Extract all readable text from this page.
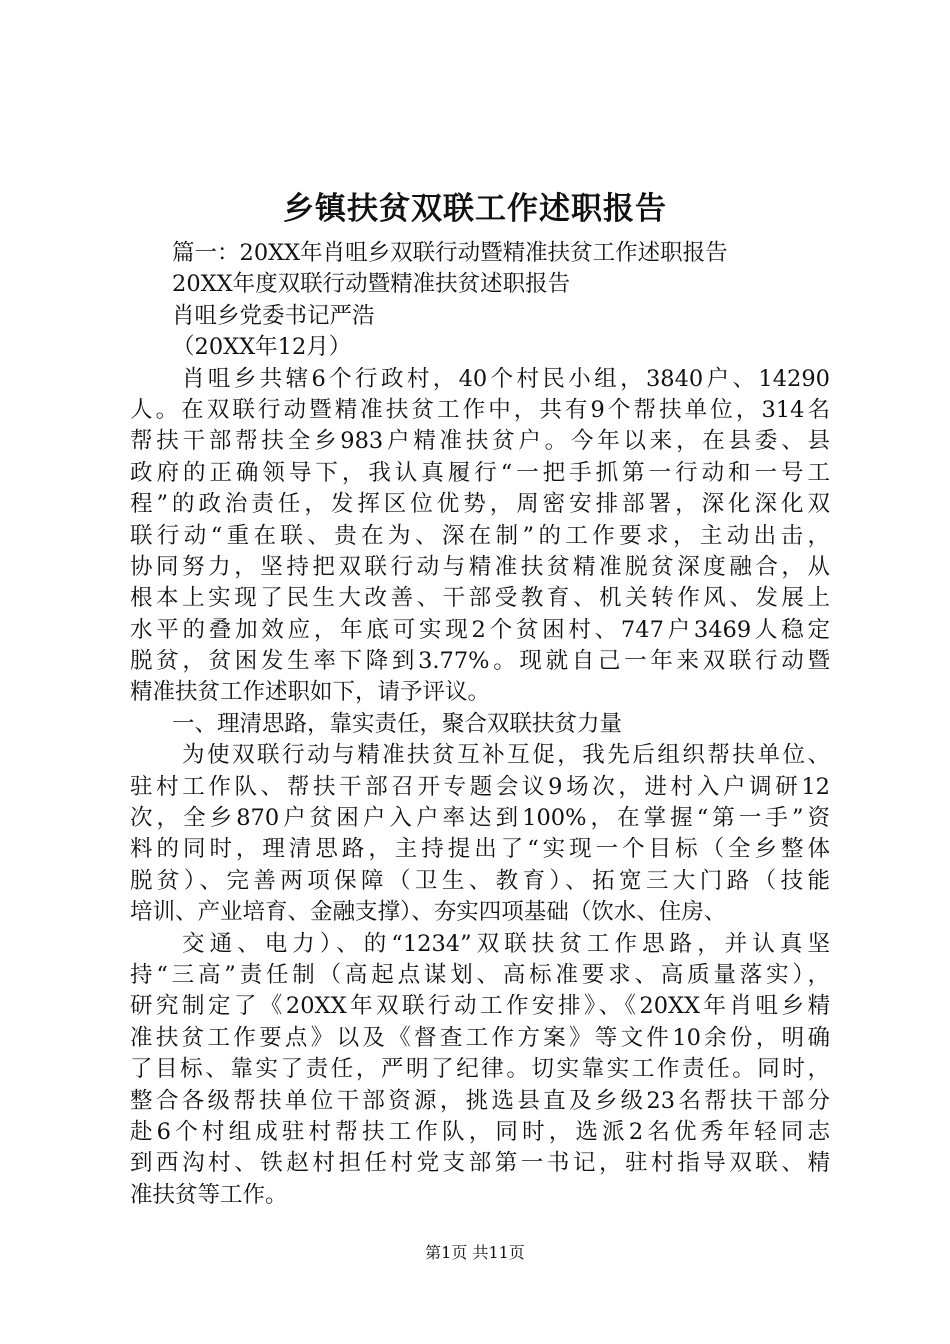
乡镇扶贫双联工作述职报告
篇一：20XX年肖咀乡双联行动暨精准扶贫工作述职报告
20XX年度双联行动暨精准扶贫述职报告
肖咀乡党委书记严浩
（20XX年12月）
肖咀乡共辖6个行政村，40个村民小组，3840户、14290
人。在双联行动暨精准扶贫工作中，共有9个帮扶单位，314名
帮扶干部帮扶全乡983户精准扶贫户。今年以来，在县委、县
政府的正确领导下，我认真履行“一把手抓第一行动和一号工
程”的政治责任，发挥区位优势，周密安排部署，深化深化双
联行动“重在联、贵在为、深在制”的工作要求，主动出击，
协同努力，坚持把双联行动与精准扶贫精准脱贫深度融合，从
根本上实现了民生大改善、干部受教育、机关转作风、发展上
水平的叠加效应，年底可实现2个贫困村、747户3469人稳定
脱贫，贫困发生率下降到3.77%。现就自己一年来双联行动暨
精准扶贫工作述职如下，请予评议。
一、理清思路，靠实责任，聚合双联扶贫力量
为使双联行动与精准扶贫互补互促，我先后组织帮扶单位、
驻村工作队、帮扶干部召开专题会议9场次，进村入户调研12
次，全乡870户贫困户入户率达到100%，在掌握“第一手”资
料的同时，理清思路，主持提出了“实现一个目标（全乡整体
脱贫）、完善两项保障（卫生、教育）、拓宽三大门路（技能
培训、产业培育、金融支撑）、夯实四项基础（饮水、住房、
交通、电力）、的“1234”双联扶贫工作思路，并认真坚
持“三高”责任制（高起点谋划、高标准要求、高质量落实），
研究制定了《20XX年双联行动工作安排》、《20XX年肖咀乡精
准扶贫工作要点》以及《督查工作方案》等文件10余份，明确
了目标、靠实了责任，严明了纪律。切实靠实工作责任。同时，
整合各级帮扶单位干部资源，挑选县直及乡级23名帮扶干部分
赴6个村组成驻村帮扶工作队，同时，选派2名优秀年轻同志
到西沟村、铁赵村担任村党支部第一书记，驻村指导双联、精
准扶贫等工作。
第1页 共11页
